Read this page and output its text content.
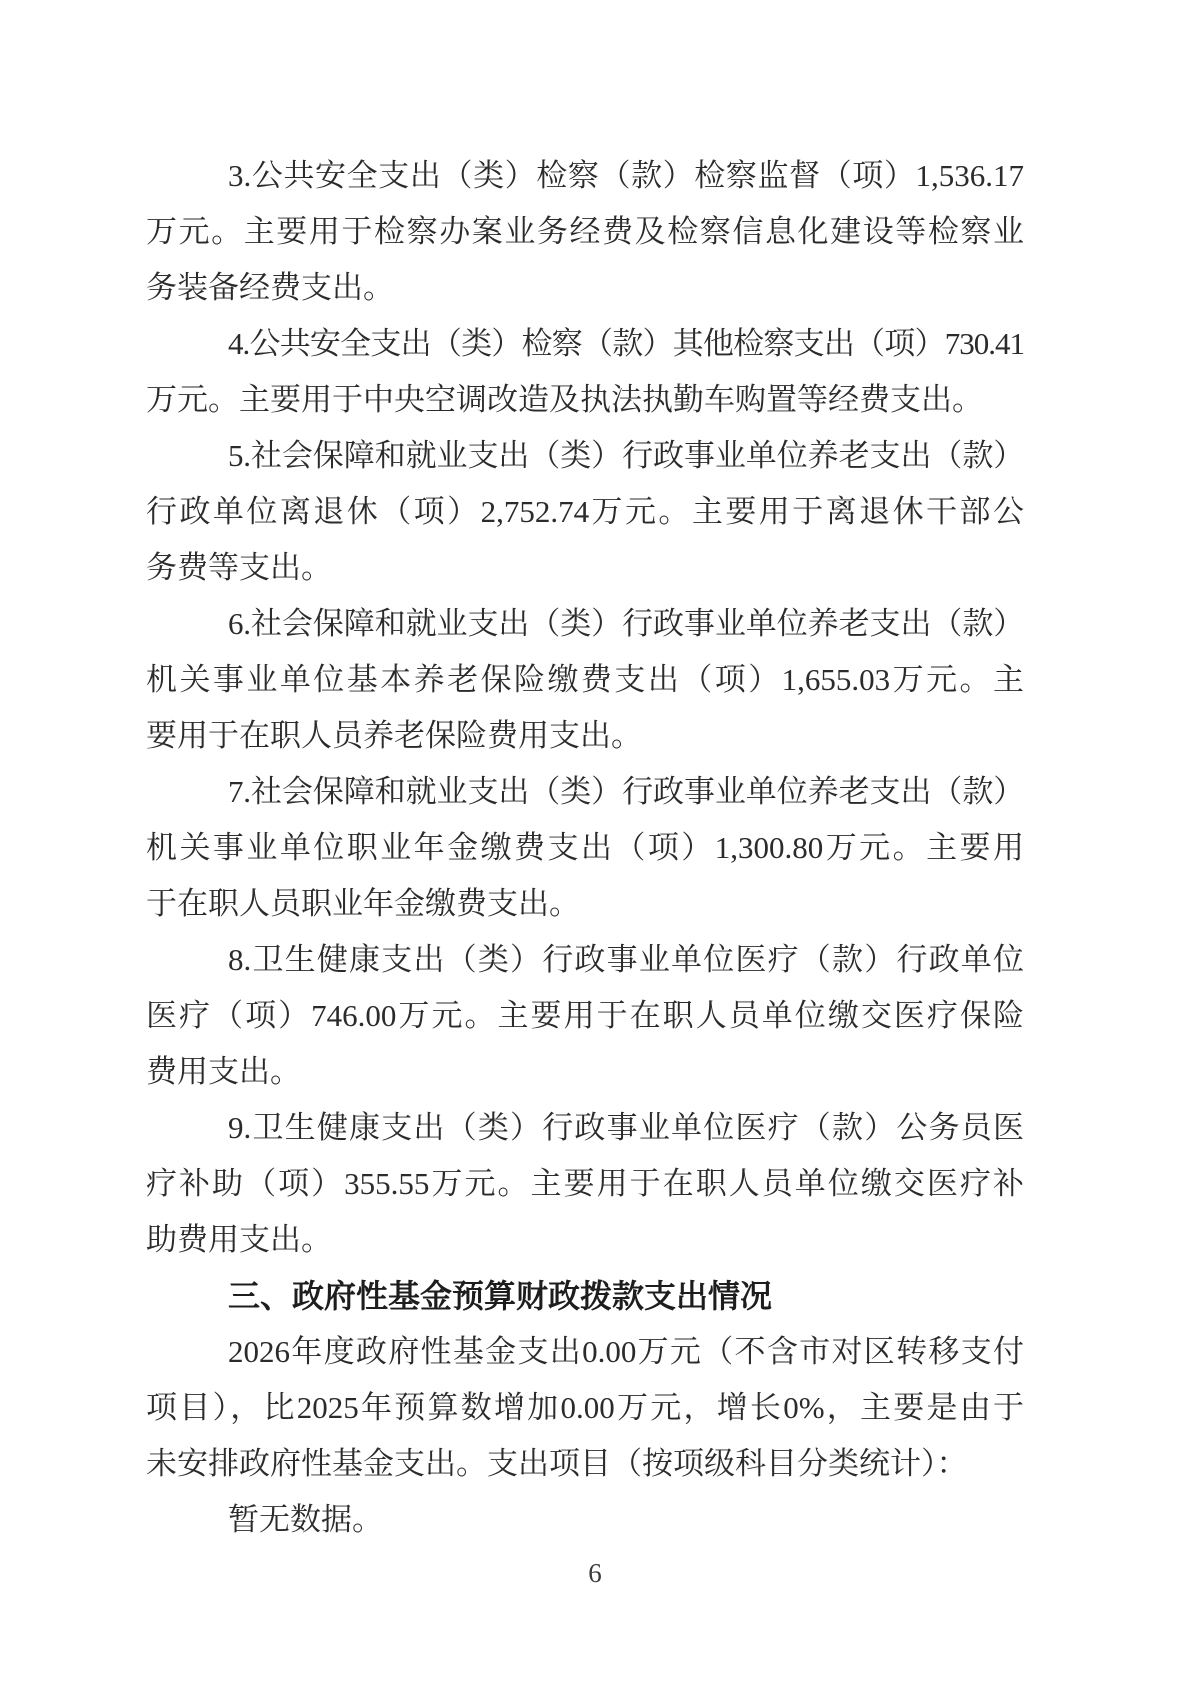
3.公共安全支出（类）检察（款）检察监督（项）1,536.17
万元。主要用于检察办案业务经费及检察信息化建设等检察业
务装备经费支出。

4.公共安全支出（类）检察（款）其他检察支出（项）730.41
万元。主要用于中央空调改造及执法执勤车购置等经费支出。

5.社会保障和就业支出（类）行政事业单位养老支出（款）
行政单位离退休（项）2,752.74万元。主要用于离退休干部公
务费等支出。

6.社会保障和就业支出（类）行政事业单位养老支出（款）
机关事业单位基本养老保险缴费支出（项）1,655.03万元。主
要用于在职人员养老保险费用支出。

7.社会保障和就业支出（类）行政事业单位养老支出（款）
机关事业单位职业年金缴费支出（项）1,300.80万元。主要用
于在职人员职业年金缴费支出。

8.卫生健康支出（类）行政事业单位医疗（款）行政单位
医疗（项）746.00万元。主要用于在职人员单位缴交医疗保险
费用支出。

9.卫生健康支出（类）行政事业单位医疗（款）公务员医
疗补助（项）355.55万元。主要用于在职人员单位缴交医疗补
助费用支出。

三、政府性基金预算财政拨款支出情况

2026年度政府性基金支出0.00万元（不含市对区转移支付
项目），比2025年预算数增加0.00万元，增长0%，主要是由于
未安排政府性基金支出。支出项目（按项级科目分类统计）：

暂无数据。

6
